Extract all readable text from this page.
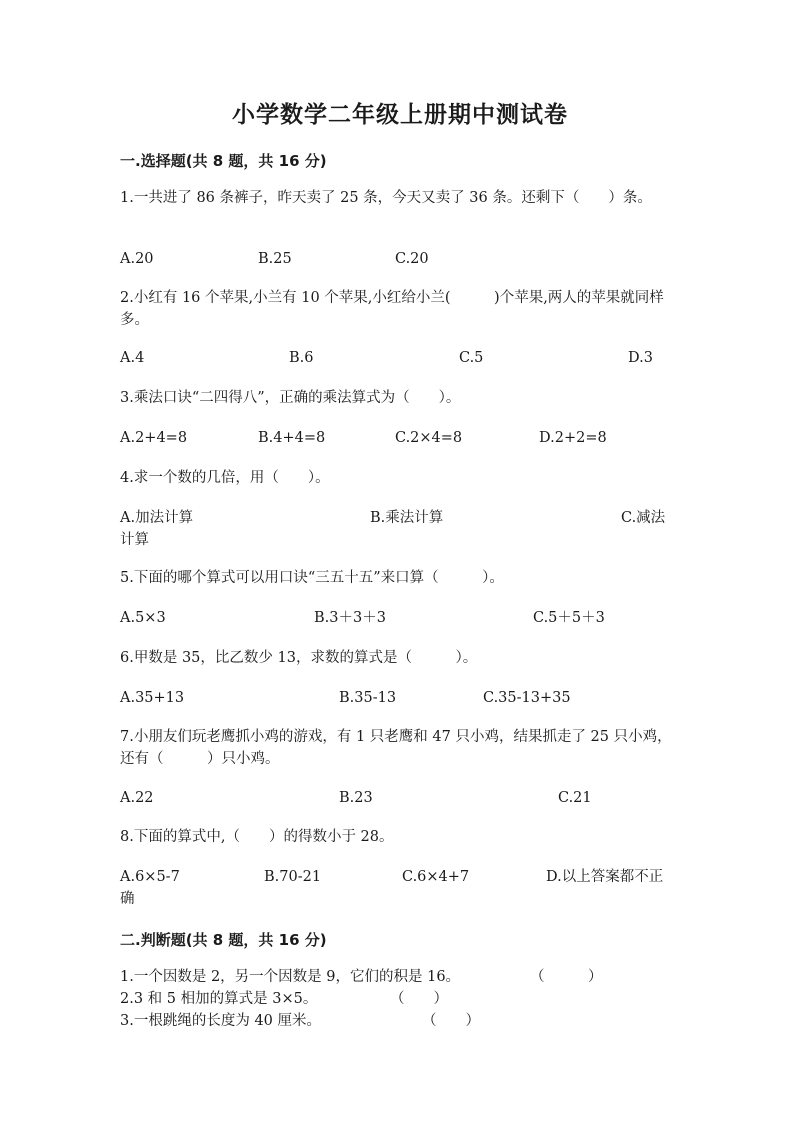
小学数学二年级上册期中测试卷
一.选择题(共 8 题，共 16 分)
1.一共进了 86 条裤子，昨天卖了 25 条，今天又卖了 36 条。还剩下（　　）条。
A.20	B.25	C.20
2.小红有 16 个苹果,小兰有 10 个苹果,小红给小兰(　　　)个苹果,两人的苹果就同样多。
A.4	B.6	C.5	D.3
3.乘法口诀“二四得八”，正确的乘法算式为（　　）。
A.2+4=8	B.4+4=8	C.2×4=8	D.2+2=8
4.求一个数的几倍，用（　　）。
A.加法计算	B.乘法计算	C.减法
计算
5.下面的哪个算式可以用口诀“三五十五”来口算（　　　）。
A.5×3	B.3＋3＋3	C.5＋5＋3
6.甲数是 35，比乙数少 13，求数的算式是（　　　）。
A.35+13	B.35-13	C.35-13+35
7.小朋友们玩老鹰抓小鸡的游戏，有 1 只老鹰和 47 只小鸡，结果抓走了 25 只小鸡，还有（　　　）只小鸡。
A.22	B.23	C.21
8.下面的算式中,（　　）的得数小于 28。
A.6×5-7	B.70-21	C.6×4+7	D.以上答案都不正
确
二.判断题(共 8 题，共 16 分)
1.一个因数是 2，另一个因数是 9，它们的积是 16。	（　　　）
2.3 和 5 相加的算式是 3×5。	（　　）
3.一根跳绳的长度为 40 厘米。	（　　）
